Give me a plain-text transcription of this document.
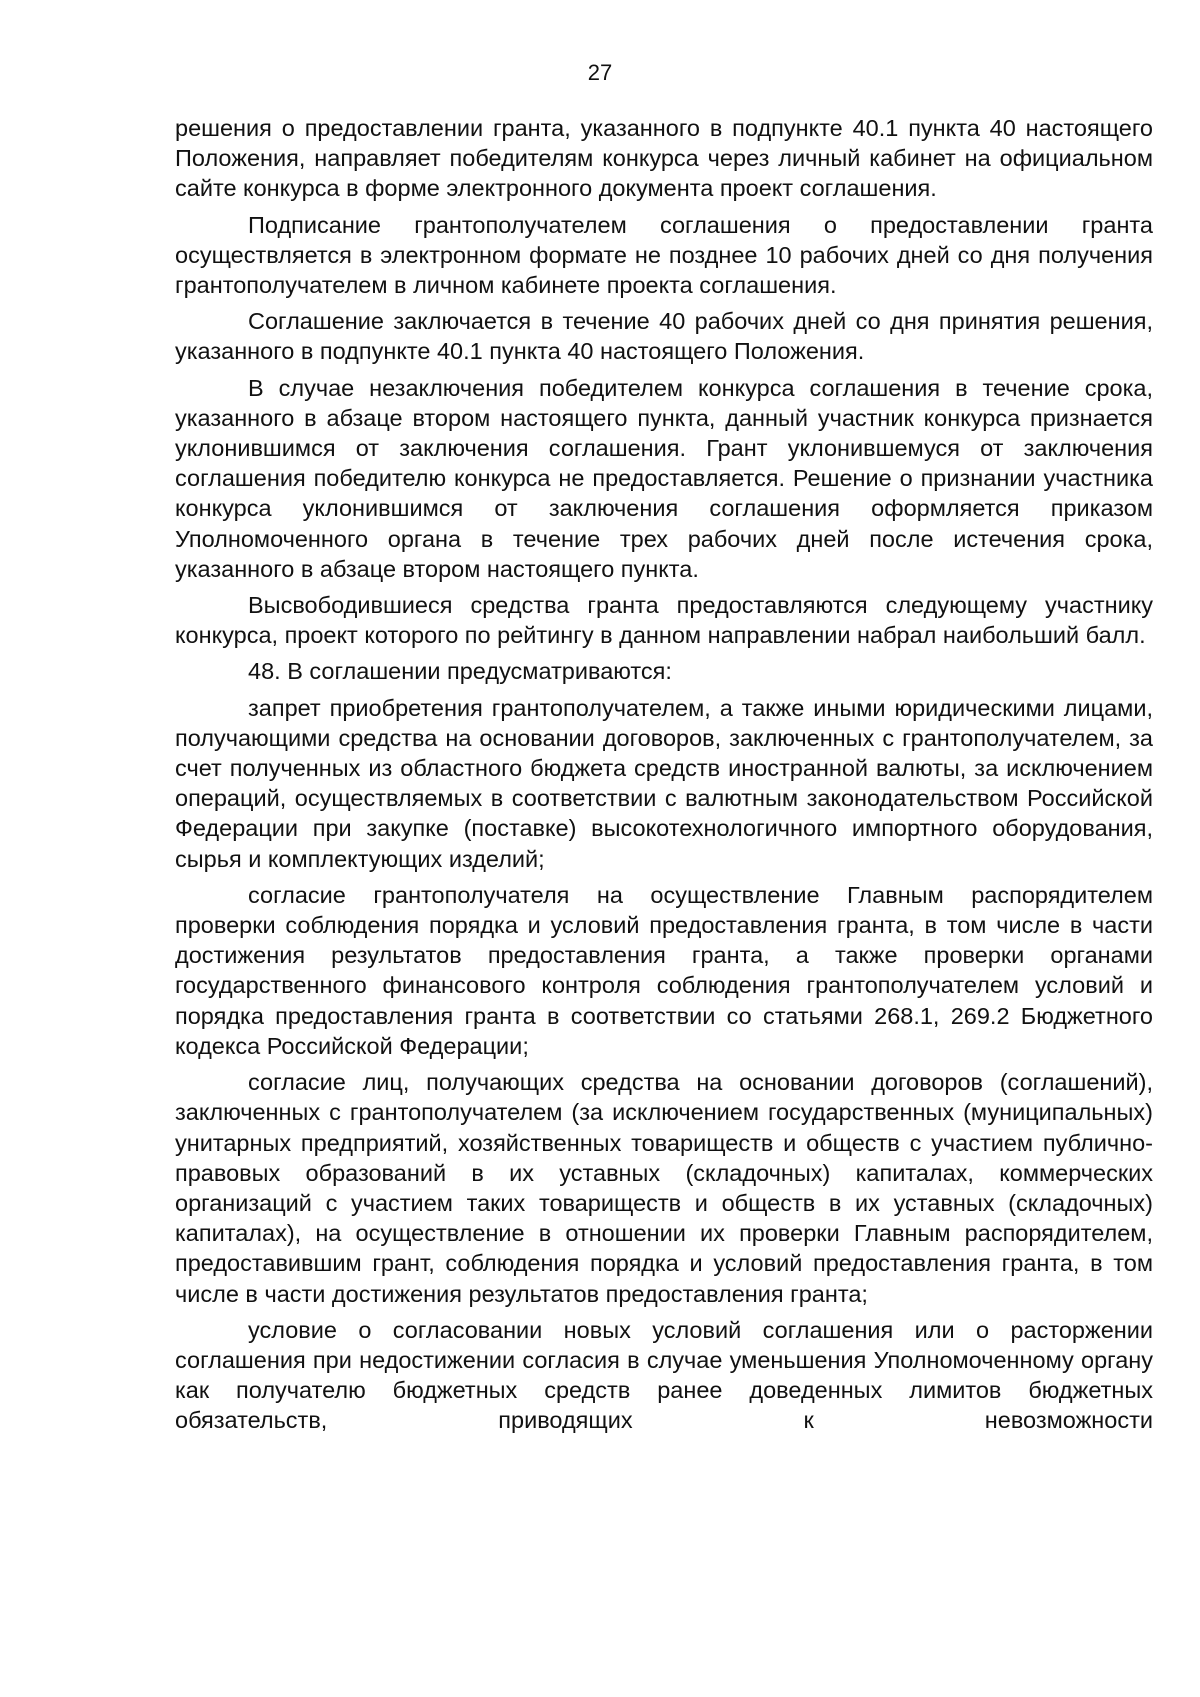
27

решения о предоставлении гранта, указанного в подпункте 40.1 пункта 40 настоящего Положения, направляет победителям конкурса через личный кабинет на официальном сайте конкурса в форме электронного документа проект соглашения.

Подписание грантополучателем соглашения о предоставлении гранта осуществляется в электронном формате не позднее 10 рабочих дней со дня получения грантополучателем в личном кабинете проекта соглашения.

Соглашение заключается в течение 40 рабочих дней со дня принятия решения, указанного в подпункте 40.1 пункта 40 настоящего Положения.

В случае незаключения победителем конкурса соглашения в течение срока, указанного в абзаце втором настоящего пункта, данный участник конкурса признается уклонившимся от заключения соглашения. Грант уклонившемуся от заключения соглашения победителю конкурса не предоставляется. Решение о признании участника конкурса уклонившимся от заключения соглашения оформляется приказом Уполномоченного органа в течение трех рабочих дней после истечения срока, указанного в абзаце втором настоящего пункта.

Высвободившиеся средства гранта предоставляются следующему участнику конкурса, проект которого по рейтингу в данном направлении набрал наибольший балл.

48. В соглашении предусматриваются:

запрет приобретения грантополучателем, а также иными юридическими лицами, получающими средства на основании договоров, заключенных с грантополучателем, за счет полученных из областного бюджета средств иностранной валюты, за исключением операций, осуществляемых в соответствии с валютным законодательством Российской Федерации при закупке (поставке) высокотехнологичного импортного оборудования, сырья и комплектующих изделий;

согласие грантополучателя на осуществление Главным распорядителем проверки соблюдения порядка и условий предоставления гранта, в том числе в части достижения результатов предоставления гранта, а также проверки органами государственного финансового контроля соблюдения грантополучателем условий и порядка предоставления гранта в соответствии со статьями 268.1, 269.2 Бюджетного кодекса Российской Федерации;

согласие лиц, получающих средства на основании договоров (соглашений), заключенных с грантополучателем (за исключением государственных (муниципальных) унитарных предприятий, хозяйственных товариществ и обществ с участием публично-правовых образований в их уставных (складочных) капиталах, коммерческих организаций с участием таких товариществ и обществ в их уставных (складочных) капиталах), на осуществление в отношении их проверки Главным распорядителем, предоставившим грант, соблюдения порядка и условий предоставления гранта, в том числе в части достижения результатов предоставления гранта;

условие о согласовании новых условий соглашения или о расторжении соглашения при недостижении согласия в случае уменьшения Уполномоченному органу как получателю бюджетных средств ранее доведенных лимитов бюджетных обязательств, приводящих к невозможности
